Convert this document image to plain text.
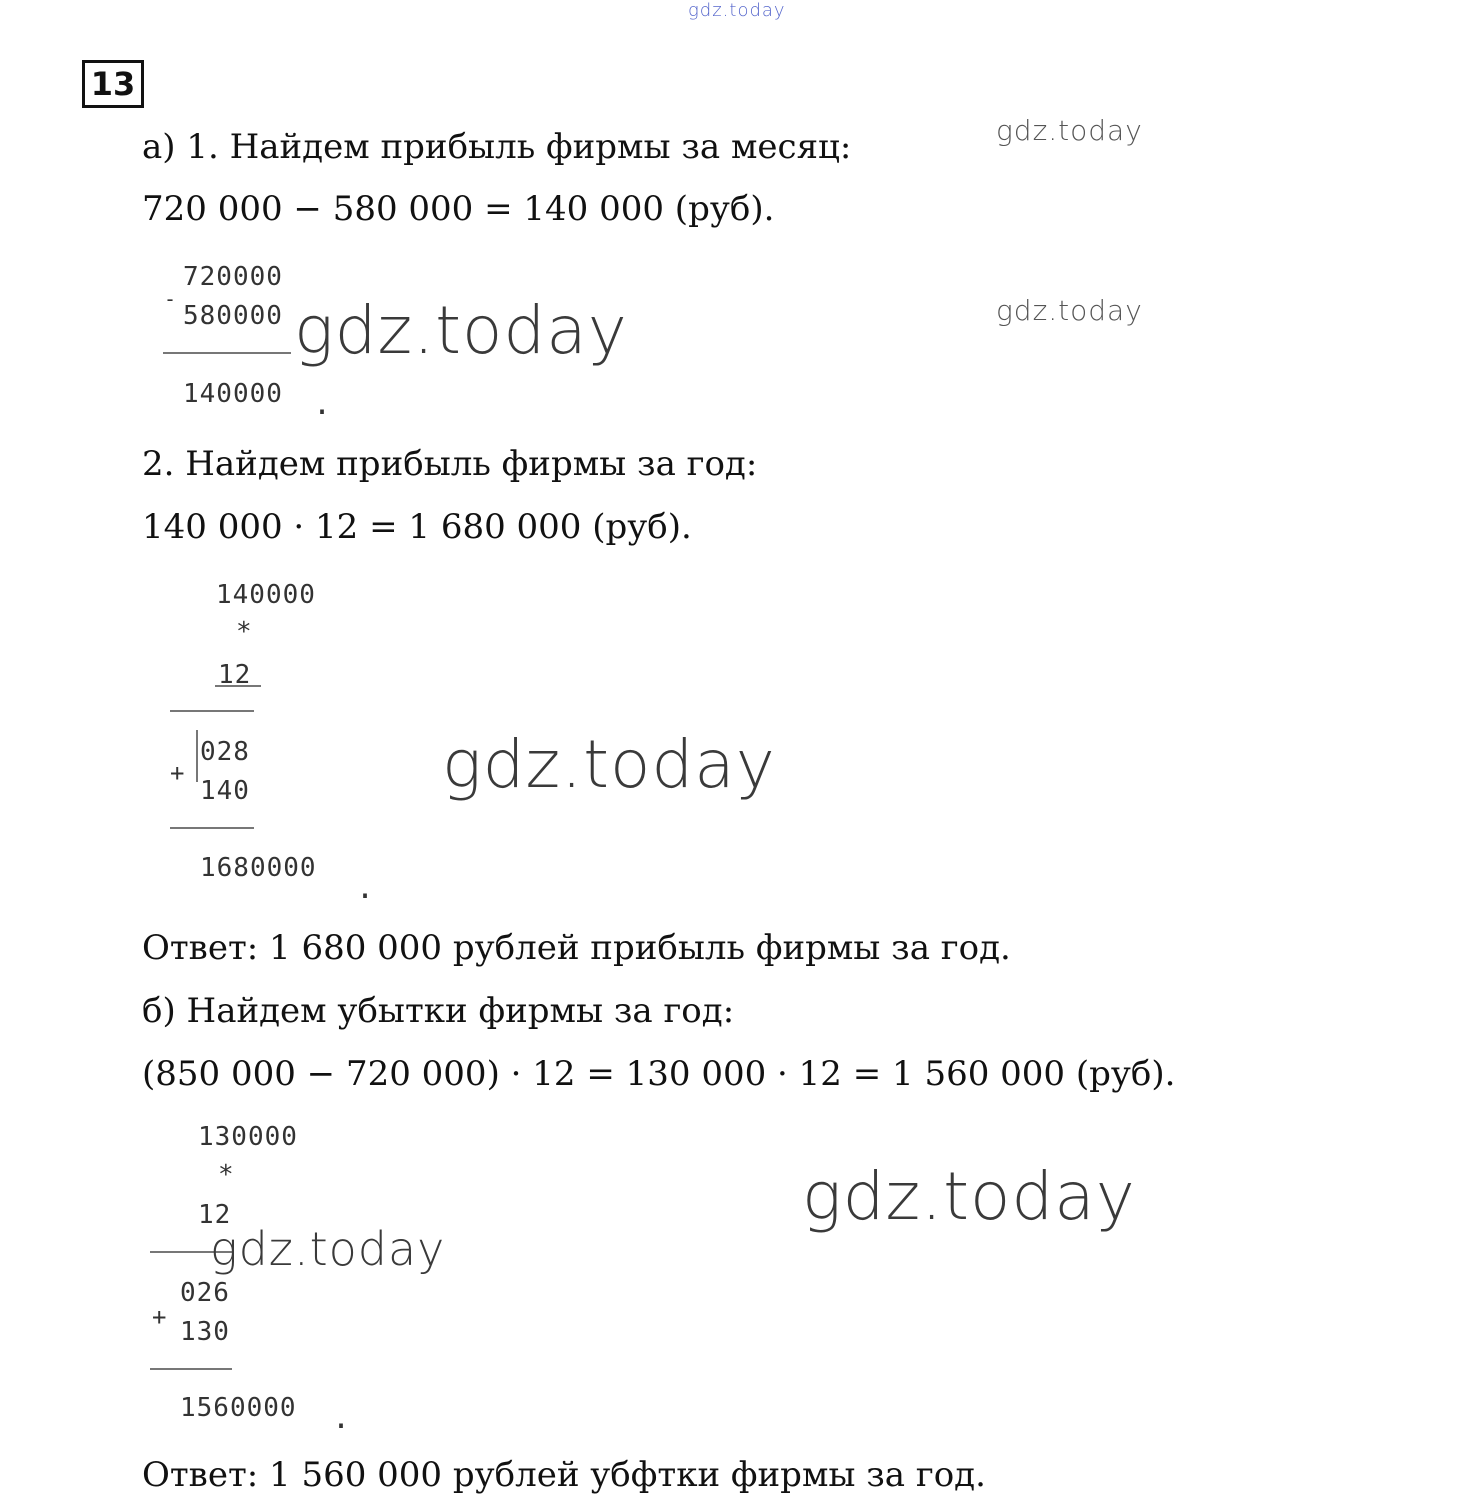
gdz.today
13
а) 1. Найдем прибыль фирмы за месяц:
720 000 − 580 000 = 140 000 (руб).
gdz.today
gdz.today
-
720000
580000
140000 .
gdz.today
2. Найдем прибыль фирмы за год:
140 000 · 12 = 1 680 000 (руб).
140000
*
12
+
028
140
1680000
.
gdz.today
Ответ: 1 680 000 рублей прибыль фирмы за год.
б) Найдем убытки фирмы за год:
(850 000 − 720 000) · 12 = 130 000 · 12 = 1 560 000 (руб).
130000
*
12
+
026
130
1560000 .
gdz.today
gdz.today
Ответ: 1 560 000 рублей убфтки фирмы за год.
